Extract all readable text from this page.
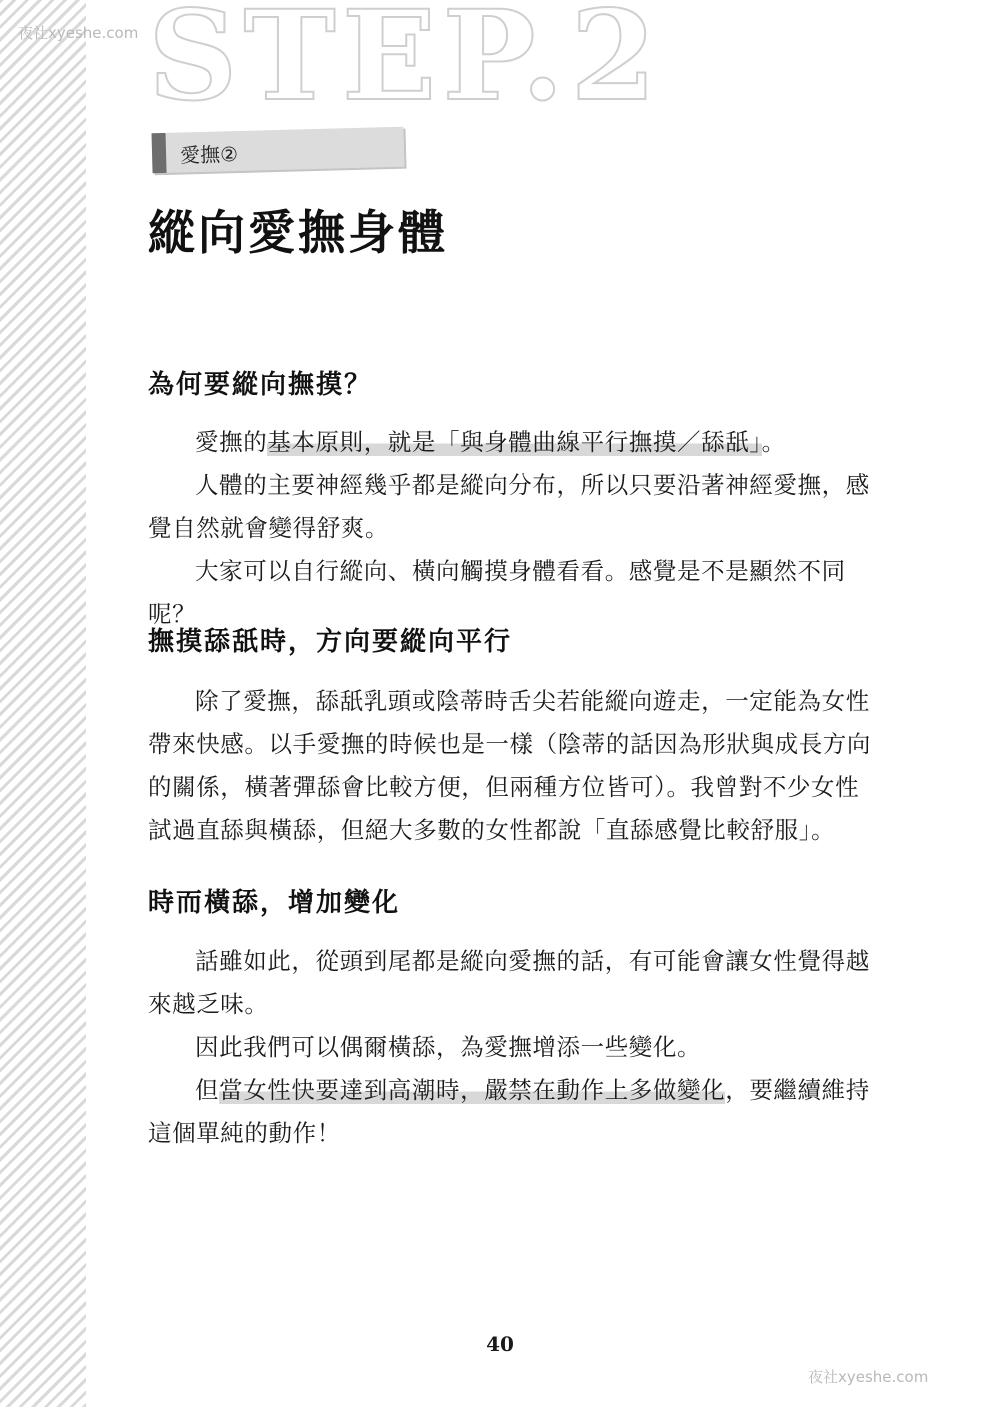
STEP.2
夜社xyeshe.com
愛撫②
縱向愛撫身體
為何要縱向撫摸？

愛撫的基本原則，就是「與身體曲線平行撫摸／舔舐」。

人體的主要神經幾乎都是縱向分布，所以只要沿著神經愛撫，感覺自然就會變得舒爽。

大家可以自行縱向、橫向觸摸身體看看。感覺是不是顯然不同呢？

撫摸舔舐時，方向要縱向平行

除了愛撫，舔舐乳頭或陰蒂時舌尖若能縱向遊走，一定能為女性帶來快感。以手愛撫的時候也是一樣（陰蒂的話因為形狀與成長方向的關係，橫著彈舔會比較方便，但兩種方位皆可）。我曾對不少女性試過直舔與橫舔，但絕大多數的女性都說「直舔感覺比較舒服」。

時而橫舔，增加變化

話雖如此，從頭到尾都是縱向愛撫的話，有可能會讓女性覺得越來越乏味。

因此我們可以偶爾橫舔，為愛撫增添一些變化。

但當女性快要達到高潮時，嚴禁在動作上多做變化，要繼續維持這個單純的動作！

40
夜社xyeshe.com
